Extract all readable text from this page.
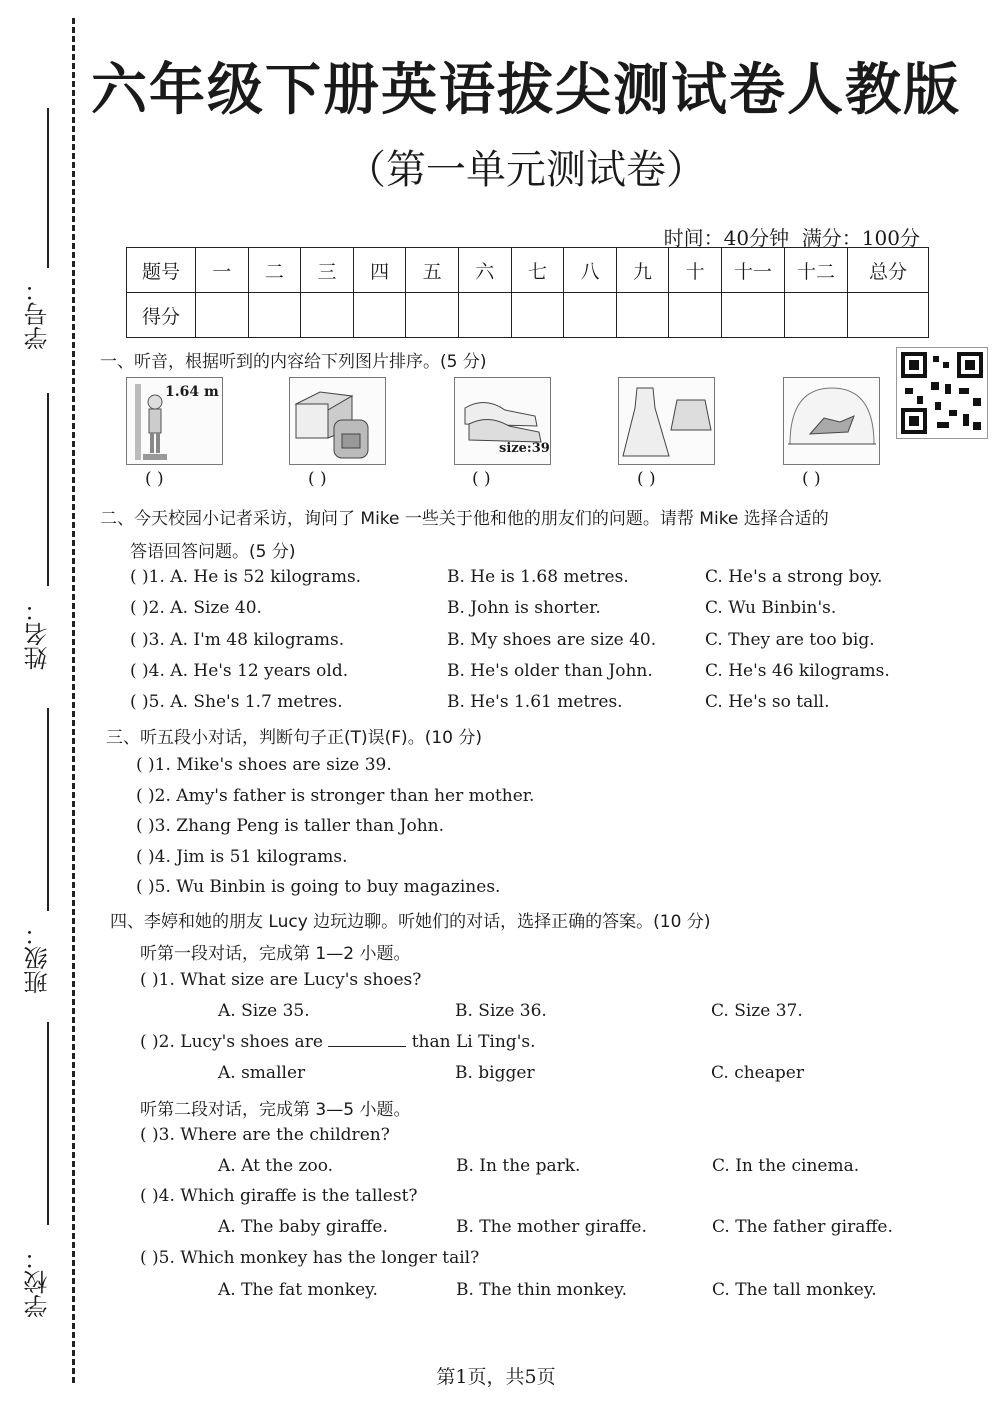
学号：
姓名：
班级：
学校：
六年级下册英语拔尖测试卷人教版
（第一单元测试卷）
时间：40分钟 满分：100分
题号	一	二	三	四	五	六	七	八	九	十	十一	十二	总分
得分													
一、听音，根据听到的内容给下列图片排序。(5 分)
1.64 m
size:39
( )	( )	( )	( )	( )
二、今天校园小记者采访，询问了 Mike 一些关于他和他的朋友们的问题。请帮 Mike 选择合适的
答语回答问题。(5 分)
( )1. A. He is 52 kilograms.	B. He is 1.68 metres.	C. He's a strong boy.
( )2. A. Size 40.	B. John is shorter.	C. Wu Binbin's.
( )3. A. I'm 48 kilograms.	B. My shoes are size 40.	C. They are too big.
( )4. A. He's 12 years old.	B. He's older than John.	C. He's 46 kilograms.
( )5. A. She's 1.7 metres.	B. He's 1.61 metres.	C. He's so tall.
三、听五段小对话，判断句子正(T)误(F)。(10 分)
( )1. Mike's shoes are size 39.
( )2. Amy's father is stronger than her mother.
( )3. Zhang Peng is taller than John.
( )4. Jim is 51 kilograms.
( )5. Wu Binbin is going to buy magazines.
四、李婷和她的朋友 Lucy 边玩边聊。听她们的对话，选择正确的答案。(10 分)
听第一段对话，完成第 1—2 小题。
( )1. What size are Lucy's shoes?
A. Size 35.	B. Size 36.	C. Size 37.
( )2. Lucy's shoes are	than Li Ting's.
A. smaller	B. bigger	C. cheaper
听第二段对话，完成第 3—5 小题。
( )3. Where are the children?
A. At the zoo.	B. In the park.	C. In the cinema.
( )4. Which giraffe is the tallest?
A. The baby giraffe.	B. The mother giraffe.	C. The father giraffe.
( )5. Which monkey has the longer tail?
A. The fat monkey.	B. The thin monkey.	C. The tall monkey.
第1页，共5页
